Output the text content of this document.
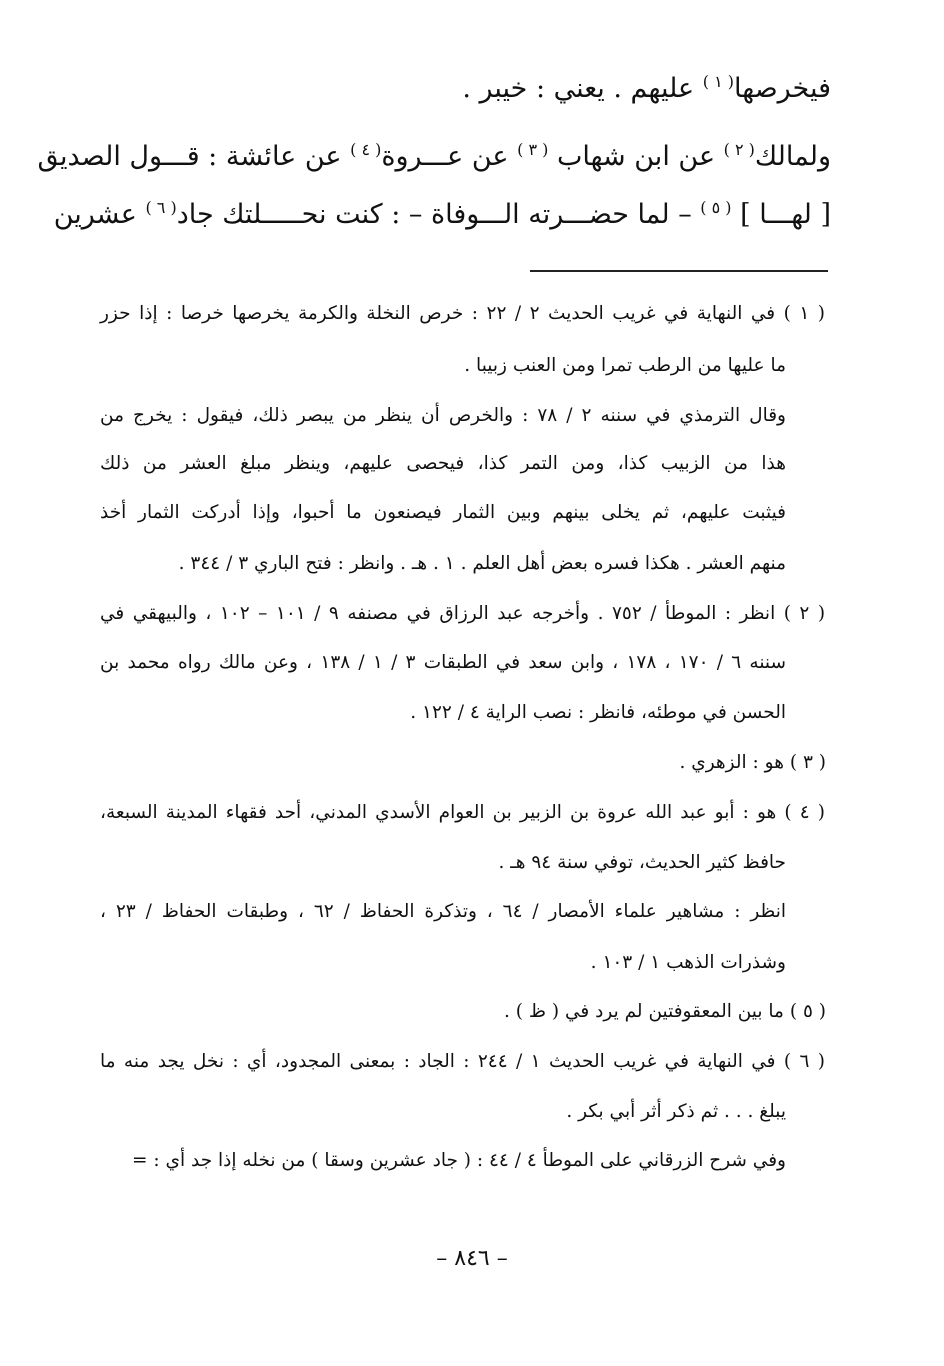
فيخرصها$^{( ١ )}$ عليهم . يعني : خيبر .
ولمالك$^{( ٢ )}$ عن ابن شهاب $^{( ٣ )}$ عن عـــروة$^{( ٤ )}$ عن عائشة : قـــول الصديق
[ لهـــا ] $^{( ٥ )}$ – لما حضـــرته الـــوفاة – : كنت نحـــــلتك جاد$^{( ٦ )}$ عشرين
( ١ ) في النهاية في غريب الحديث ٢ / ٢٢ : خرص النخلة والكرمة يخرصها خرصا : إذا حزر
ما عليها من الرطب تمرا ومن العنب زبيبا .
وقال الترمذي في سننه ٢ / ٧٨ : والخرص أن ينظر من يبصر ذلك، فيقول : يخرج من
هذا من الزبيب كذا، ومن التمر كذا، فيحصى عليهم، وينظر مبلغ العشر من ذلك
فيثبت عليهم، ثم يخلى بينهم وبين الثمار فيصنعون ما أحبوا، وإذا أدركت الثمار أخذ
منهم العشر . هكذا فسره بعض أهل العلم . ١ . هـ . وانظر : فتح الباري ٣ / ٣٤٤ .
( ٢ ) انظر : الموطأ / ٧٥٢ . وأخرجه عبد الرزاق في مصنفه ٩ / ١٠١ – ١٠٢ ، والبيهقي في
سننه ٦ / ١٧٠ ، ١٧٨ ، وابن سعد في الطبقات ٣ / ١ / ١٣٨ ، وعن مالك رواه محمد بن
الحسن في موطئه، فانظر : نصب الراية ٤ / ١٢٢ .
( ٣ ) هو : الزهري .
( ٤ ) هو : أبو عبد الله عروة بن الزبير بن العوام الأسدي المدني، أحد فقهاء المدينة السبعة،
حافظ كثير الحديث، توفي سنة ٩٤ هـ .
انظر : مشاهير علماء الأمصار / ٦٤ ، وتذكرة الحفاظ / ٦٢ ، وطبقات الحفاظ / ٢٣ ،
وشذرات الذهب ١ / ١٠٣ .
( ٥ ) ما بين المعقوفتين لم يرد في ( ظ ) .
( ٦ ) في النهاية في غريب الحديث ١ / ٢٤٤ : الجاد : بمعنى المجدود، أي : نخل يجد منه ما
يبلغ . . . ثم ذكر أثر أبي بكر .
وفي شرح الزرقاني على الموطأ ٤ / ٤٤ : ( جاد عشرين وسقا ) من نخله إذا جد أي : =
– ٨٤٦ –
